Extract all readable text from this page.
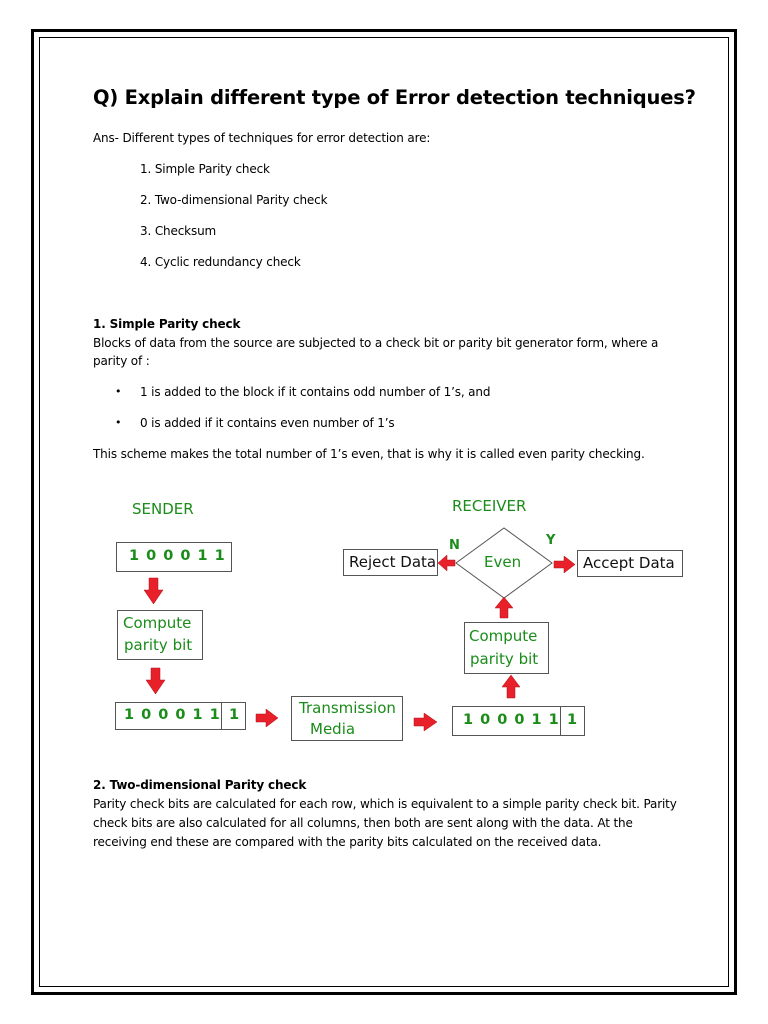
Q) Explain different type of Error detection techniques?
Ans- Different types of techniques for error detection are:
1. Simple Parity check
2. Two-dimensional Parity check
3. Checksum
4. Cyclic redundancy check
1. Simple Parity check
Blocks of data from the source are subjected to a check bit or parity bit generator form, where a
parity of :
• 1 is added to the block if it contains odd number of 1’s, and
• 0 is added if it contains even number of 1’s
This scheme makes the total number of 1’s even, that is why it is called even parity checking.
SENDER	RECEIVER
1 0 0 0 1 1
Compute
parity bit
1 0 0 0 1 1 1	Transmission
Media	1 0 0 0 1 1 1
Compute
parity bit
Reject Data	Accept Data
Even
N	Y
2. Two-dimensional Parity check
Parity check bits are calculated for each row, which is equivalent to a simple parity check bit. Parity
check bits are also calculated for all columns, then both are sent along with the data. At the
receiving end these are compared with the parity bits calculated on the received data.
